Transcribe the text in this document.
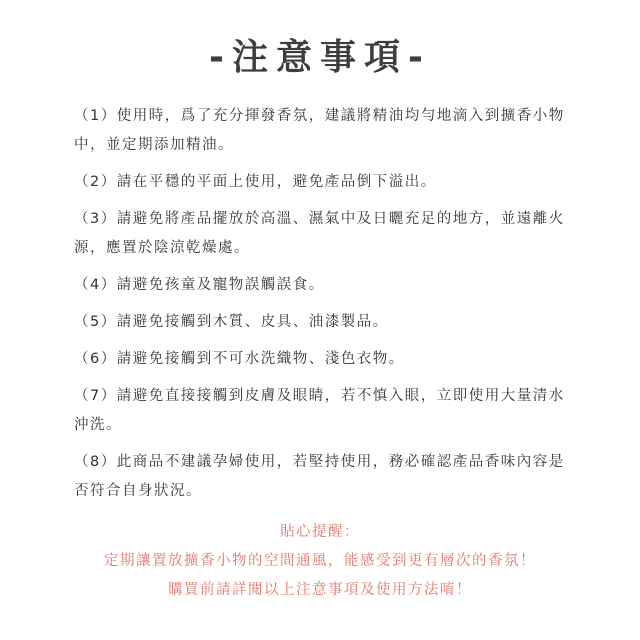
-注意事項-
（1）使用時，爲了充分揮發香氛，建議將精油均勻地滴入到擴香小物中，並定期添加精油。
（2）請在平穩的平面上使用，避免產品倒下溢出。
（3）請避免將產品擺放於高溫、濕氣中及日曬充足的地方，並遠離火源，應置於陰涼乾燥處。
（4）請避免孩童及寵物誤觸誤食。
（5）請避免接觸到木質、皮具、油漆製品。
（6）請避免接觸到不可水洗織物、淺色衣物。
（7）請避免直接接觸到皮膚及眼睛，若不慎入眼，立即使用大量清水沖洗。
（8）此商品不建議孕婦使用，若堅持使用，務必確認產品香味內容是否符合自身狀況。
貼心提醒：
定期讓置放擴香小物的空間通風，能感受到更有層次的香氛！
購買前請詳閱以上注意事項及使用方法唷！
